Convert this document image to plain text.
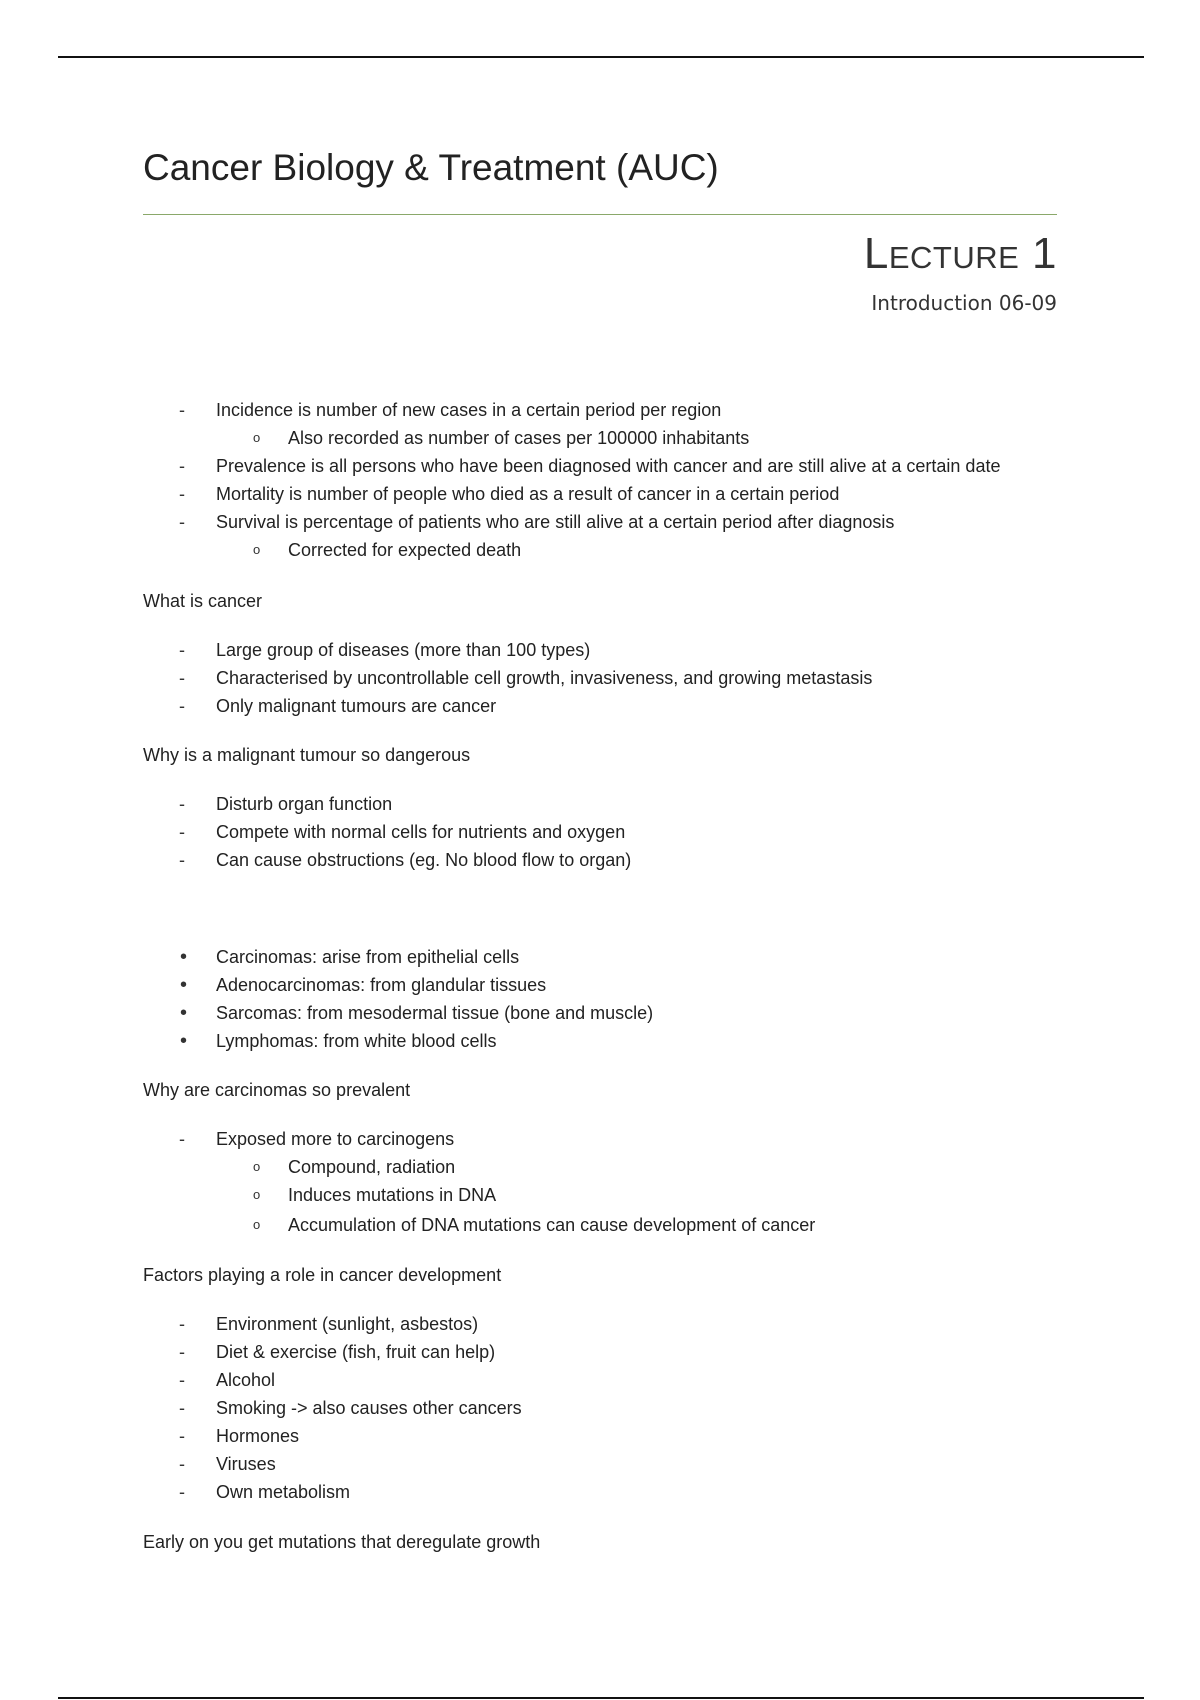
Cancer Biology & Treatment (AUC)
Lecture 1
Introduction 06-09
-	Incidence is number of new cases in a certain period per region
o	Also recorded as number of cases per 100000 inhabitants
-	Prevalence is all persons who have been diagnosed with cancer and are still alive at a certain date
-	Mortality is number of people who died as a result of cancer in a certain period
-	Survival is percentage of patients who are still alive at a certain period after diagnosis
o	Corrected for expected death
What is cancer
-	Large group of diseases (more than 100 types)
-	Characterised by uncontrollable cell growth, invasiveness, and growing metastasis
-	Only malignant tumours are cancer
Why is a malignant tumour so dangerous
-	Disturb organ function
-	Compete with normal cells for nutrients and oxygen
-	Can cause obstructions (eg. No blood flow to organ)
•	Carcinomas: arise from epithelial cells
•	Adenocarcinomas: from glandular tissues
•	Sarcomas: from mesodermal tissue (bone and muscle)
•	Lymphomas: from white blood cells
Why are carcinomas so prevalent
-	Exposed more to carcinogens
o	Compound, radiation
o	Induces mutations in DNA
o	Accumulation of DNA mutations can cause development of cancer
Factors playing a role in cancer development
-	Environment (sunlight, asbestos)
-	Diet & exercise (fish, fruit can help)
-	Alcohol
-	Smoking -> also causes other cancers
-	Hormones
-	Viruses
-	Own metabolism
Early on you get mutations that deregulate growth
